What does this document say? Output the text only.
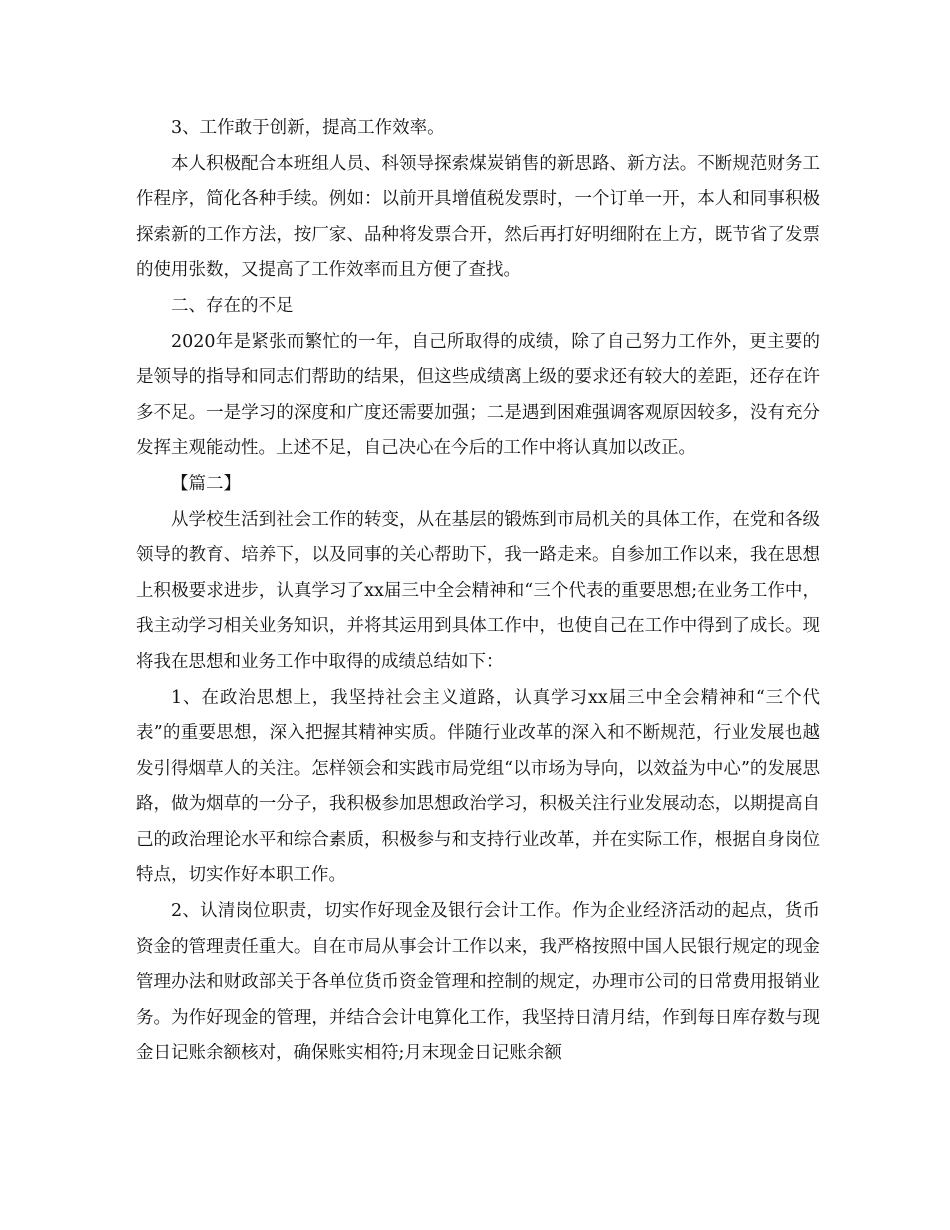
3、工作敢于创新，提高工作效率。

本人积极配合本班组人员、科领导探索煤炭销售的新思路、新方法。不断规范财务工作程序，简化各种手续。例如：以前开具增值税发票时，一个订单一开，本人和同事积极探索新的工作方法，按厂家、品种将发票合开，然后再打好明细附在上方，既节省了发票的使用张数，又提高了工作效率而且方便了查找。

二、存在的不足

2020年是紧张而繁忙的一年，自己所取得的成绩，除了自己努力工作外，更主要的是领导的指导和同志们帮助的结果，但这些成绩离上级的要求还有较大的差距，还存在许多不足。一是学习的深度和广度还需要加强；二是遇到困难强调客观原因较多，没有充分发挥主观能动性。上述不足，自己决心在今后的工作中将认真加以改正。

【篇二】

从学校生活到社会工作的转变，从在基层的锻炼到市局机关的具体工作，在党和各级领导的教育、培养下，以及同事的关心帮助下，我一路走来。自参加工作以来，我在思想上积极要求进步，认真学习了xx届三中全会精神和“三个代表的重要思想;在业务工作中，我主动学习相关业务知识，并将其运用到具体工作中，也使自己在工作中得到了成长。现将我在思想和业务工作中取得的成绩总结如下：

1、在政治思想上，我坚持社会主义道路，认真学习xx届三中全会精神和“三个代表”的重要思想，深入把握其精神实质。伴随行业改革的深入和不断规范，行业发展也越发引得烟草人的关注。怎样领会和实践市局党组“以市场为导向，以效益为中心”的发展思路，做为烟草的一分子，我积极参加思想政治学习，积极关注行业发展动态，以期提高自己的政治理论水平和综合素质，积极参与和支持行业改革，并在实际工作，根据自身岗位特点，切实作好本职工作。

2、认清岗位职责，切实作好现金及银行会计工作。作为企业经济活动的起点，货币资金的管理责任重大。自在市局从事会计工作以来，我严格按照中国人民银行规定的现金管理办法和财政部关于各单位货币资金管理和控制的规定，办理市公司的日常费用报销业务。为作好现金的管理，并结合会计电算化工作，我坚持日清月结，作到每日库存数与现金日记账余额核对，确保账实相符;月末现金日记账余额
